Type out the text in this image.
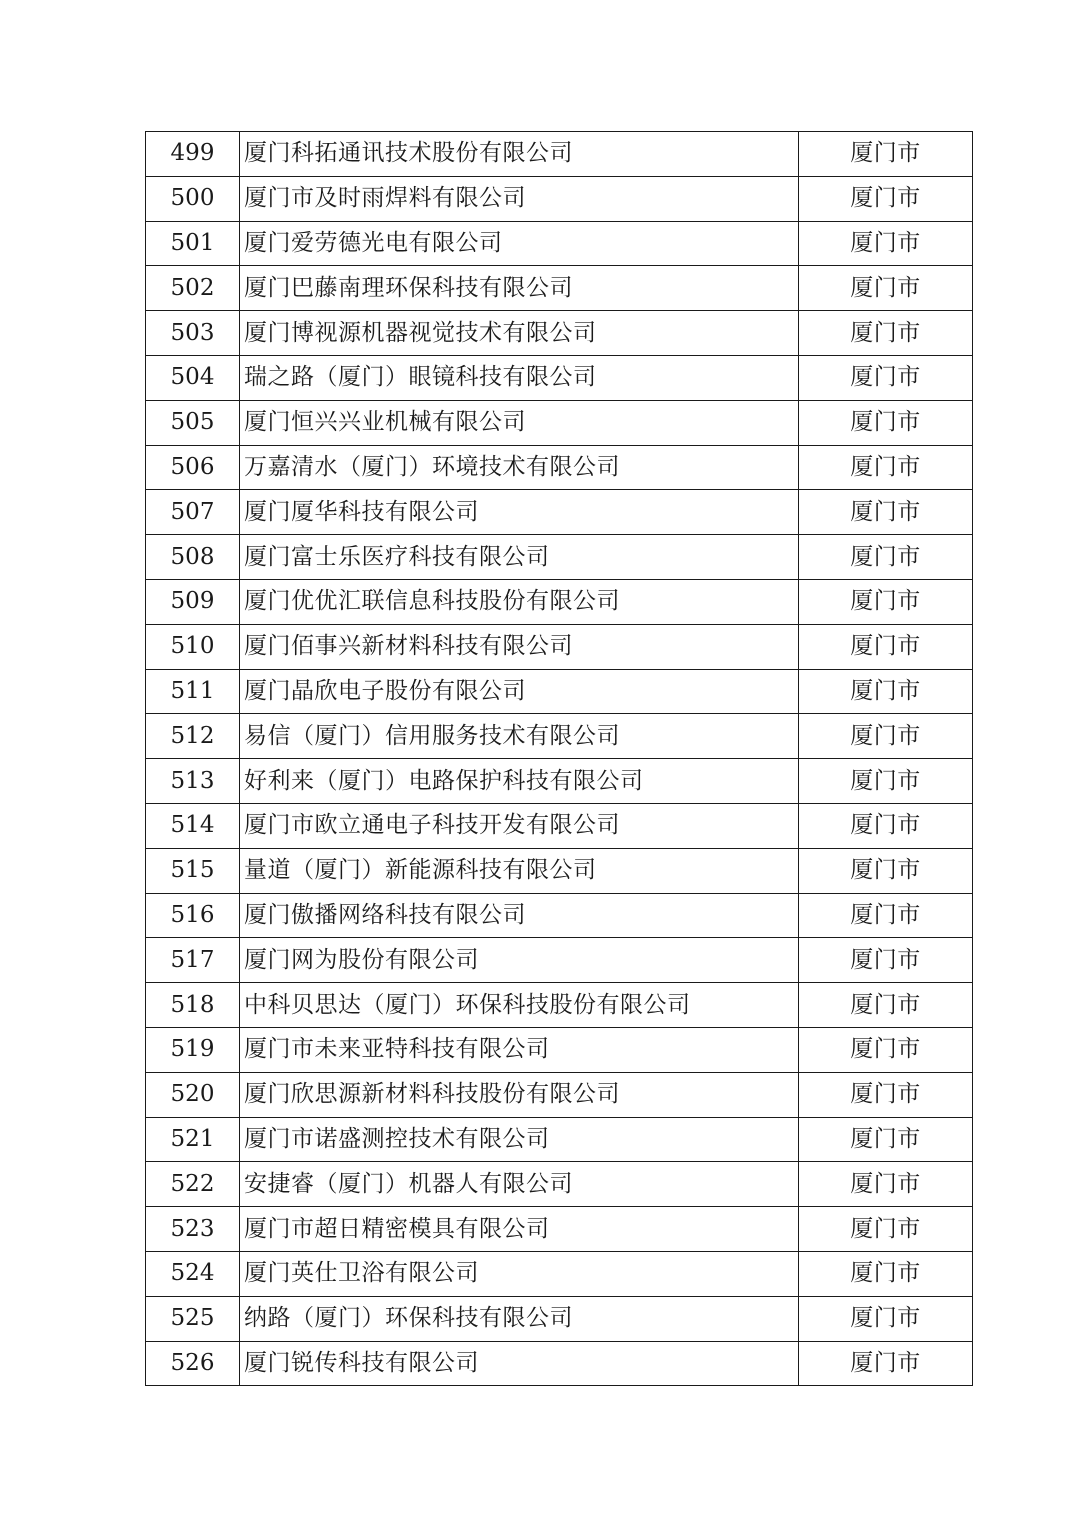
499	厦门科拓通讯技术股份有限公司	厦门市
500	厦门市及时雨焊料有限公司	厦门市
501	厦门爱劳德光电有限公司	厦门市
502	厦门巴藤南理环保科技有限公司	厦门市
503	厦门博视源机器视觉技术有限公司	厦门市
504	瑞之路（厦门）眼镜科技有限公司	厦门市
505	厦门恒兴兴业机械有限公司	厦门市
506	万嘉清水（厦门）环境技术有限公司	厦门市
507	厦门厦华科技有限公司	厦门市
508	厦门富士乐医疗科技有限公司	厦门市
509	厦门优优汇联信息科技股份有限公司	厦门市
510	厦门佰事兴新材料科技有限公司	厦门市
511	厦门晶欣电子股份有限公司	厦门市
512	易信（厦门）信用服务技术有限公司	厦门市
513	好利来（厦门）电路保护科技有限公司	厦门市
514	厦门市欧立通电子科技开发有限公司	厦门市
515	量道（厦门）新能源科技有限公司	厦门市
516	厦门傲播网络科技有限公司	厦门市
517	厦门网为股份有限公司	厦门市
518	中科贝思达（厦门）环保科技股份有限公司	厦门市
519	厦门市未来亚特科技有限公司	厦门市
520	厦门欣思源新材料科技股份有限公司	厦门市
521	厦门市诺盛测控技术有限公司	厦门市
522	安捷睿（厦门）机器人有限公司	厦门市
523	厦门市超日精密模具有限公司	厦门市
524	厦门英仕卫浴有限公司	厦门市
525	纳路（厦门）环保科技有限公司	厦门市
526	厦门锐传科技有限公司	厦门市
